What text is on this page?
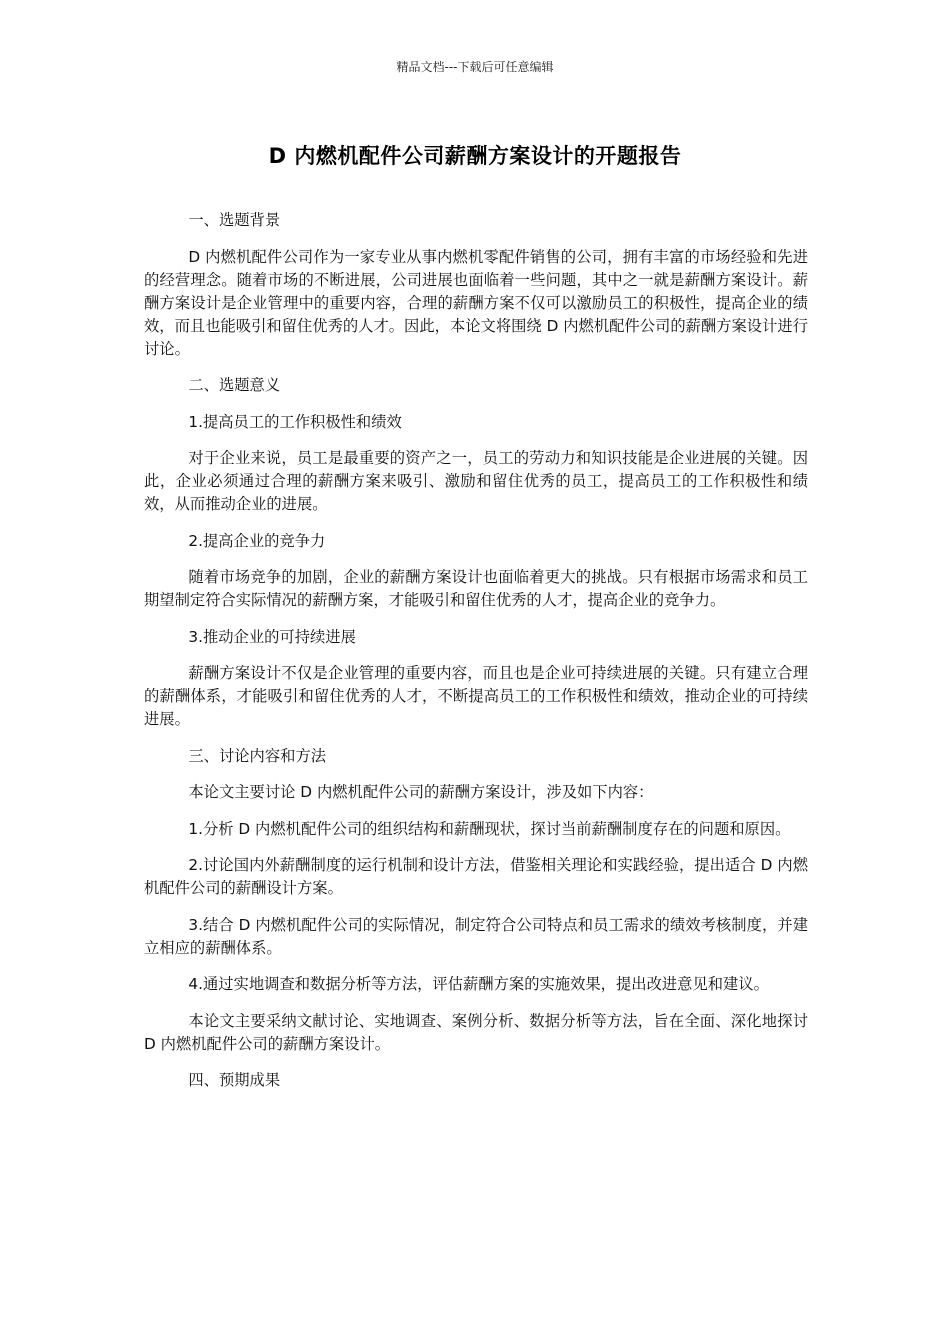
精品文档---下载后可任意编辑
D 内燃机配件公司薪酬方案设计的开题报告

一、选题背景

D 内燃机配件公司作为一家专业从事内燃机零配件销售的公司，拥有丰富的市场经验和先进的经营理念。随着市场的不断进展，公司进展也面临着一些问题，其中之一就是薪酬方案设计。薪酬方案设计是企业管理中的重要内容，合理的薪酬方案不仅可以激励员工的积极性，提高企业的绩效，而且也能吸引和留住优秀的人才。因此，本论文将围绕 D 内燃机配件公司的薪酬方案设计进行讨论。

二、选题意义

1.提高员工的工作积极性和绩效

对于企业来说，员工是最重要的资产之一，员工的劳动力和知识技能是企业进展的关键。因此，企业必须通过合理的薪酬方案来吸引、激励和留住优秀的员工，提高员工的工作积极性和绩效，从而推动企业的进展。

2.提高企业的竞争力

随着市场竞争的加剧，企业的薪酬方案设计也面临着更大的挑战。只有根据市场需求和员工期望制定符合实际情况的薪酬方案，才能吸引和留住优秀的人才，提高企业的竞争力。

3.推动企业的可持续进展

薪酬方案设计不仅是企业管理的重要内容，而且也是企业可持续进展的关键。只有建立合理的薪酬体系，才能吸引和留住优秀的人才，不断提高员工的工作积极性和绩效，推动企业的可持续进展。

三、讨论内容和方法

本论文主要讨论 D 内燃机配件公司的薪酬方案设计，涉及如下内容：

1.分析 D 内燃机配件公司的组织结构和薪酬现状，探讨当前薪酬制度存在的问题和原因。

2.讨论国内外薪酬制度的运行机制和设计方法，借鉴相关理论和实践经验，提出适合 D 内燃机配件公司的薪酬设计方案。

3.结合 D 内燃机配件公司的实际情况，制定符合公司特点和员工需求的绩效考核制度，并建立相应的薪酬体系。

4.通过实地调查和数据分析等方法，评估薪酬方案的实施效果，提出改进意见和建议。

本论文主要采纳文献讨论、实地调查、案例分析、数据分析等方法，旨在全面、深化地探讨 D 内燃机配件公司的薪酬方案设计。

四、预期成果
